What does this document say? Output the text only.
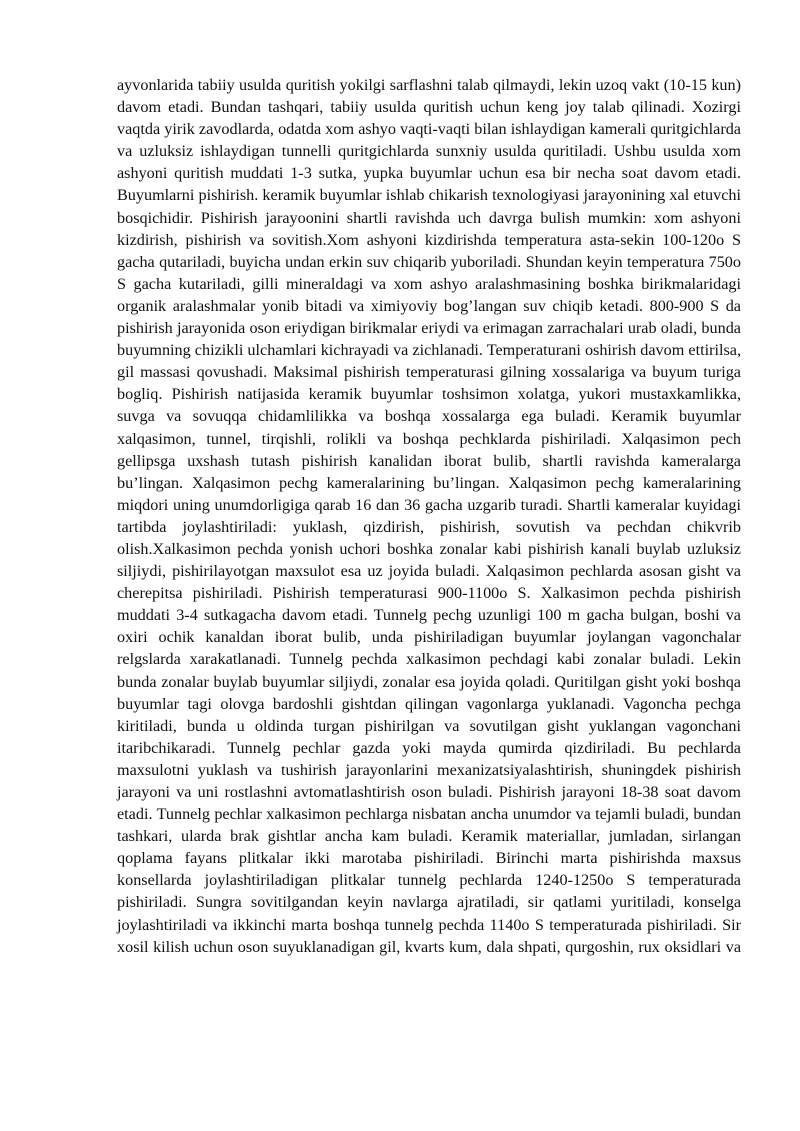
ayvonlarida tabiiy usulda quritish yokilgi sarflashni talab qilmaydi, lekin uzoq vakt (10-15 kun) davom etadi. Bundan tashqari, tabiiy usulda quritish uchun keng joy talab qilinadi. Xozirgi vaqtda yirik zavodlarda, odatda xom ashyo vaqti-vaqti bilan ishlaydigan kamerali quritgichlarda va uzluksiz ishlaydigan tunnelli quritgichlarda sunxniy usulda quritiladi. Ushbu usulda xom ashyoni quritish muddati 1-3 sutka, yupka buyumlar uchun esa bir necha soat davom etadi. Buyumlarni pishirish. keramik buyumlar ishlab chikarish texnologiyasi jarayonining xal etuvchi bosqichidir. Pishirish jarayoonini shartli ravishda uch davrga bulish mumkin: xom ashyoni kizdirish, pishirish va sovitish.Xom ashyoni kizdirishda temperatura asta-sekin 100-120o S gacha qutariladi, buyicha undan erkin suv chiqarib yuboriladi. Shundan keyin temperatura 750o S gacha kutariladi, gilli mineraldagi va xom ashyo aralashmasining boshka birikmalaridagi organik aralashmalar yonib bitadi va ximiyoviy bog’langan suv chiqib ketadi. 800-900 S da pishirish jarayonida oson eriydigan birikmalar eriydi va erimagan zarrachalari urab oladi, bunda buyumning chizikli ulchamlari kichrayadi va zichlanadi. Temperaturani oshirish davom ettirilsa, gil massasi qovushadi. Maksimal pishirish temperaturasi gilning xossalariga va buyum turiga bogliq. Pishirish natijasida keramik buyumlar toshsimon xolatga, yukori mustaxkamlikka, suvga va sovuqqa chidamlilikka va boshqa xossalarga ega buladi. Keramik buyumlar xalqasimon, tunnel, tirqishli, rolikli va boshqa pechklarda pishiriladi. Xalqasimon pech gellipsga uxshash tutash pishirish kanalidan iborat bulib, shartli ravishda kameralarga bu’lingan. Xalqasimon pechg kameralarining bu’lingan. Xalqasimon pechg kameralarining miqdori uning unumdorligiga qarab 16 dan 36 gacha uzgarib turadi. Shartli kameralar kuyidagi tartibda joylashtiriladi: yuklash, qizdirish, pishirish, sovutish va pechdan chikvrib olish.Xalkasimon pechda yonish uchori boshka zonalar kabi pishirish kanali buylab uzluksiz siljiydi, pishirilayotgan maxsulot esa uz joyida buladi. Xalqasimon pechlarda asosan gisht va cherepitsa pishiriladi. Pishirish temperaturasi 900-1100o S. Xalkasimon pechda pishirish muddati 3-4 sutkagacha davom etadi. Tunnelg pechg uzunligi 100 m gacha bulgan, boshi va oxiri ochik kanaldan iborat bulib, unda pishiriladigan buyumlar joylangan vagonchalar relgslarda xarakatlanadi. Tunnelg pechda xalkasimon pechdagi kabi zonalar buladi. Lekin bunda zonalar buylab buyumlar siljiydi, zonalar esa joyida qoladi. Quritilgan gisht yoki boshqa buyumlar tagi olovga bardoshli gishtdan qilingan vagonlarga yuklanadi. Vagoncha pechga kiritiladi, bunda u oldinda turgan pishirilgan va sovutilgan gisht yuklangan vagonchani itaribchikaradi. Tunnelg pechlar gazda yoki mayda qumirda qizdiriladi. Bu pechlarda maxsulotni yuklash va tushirish jarayonlarini mexanizatsiyalashtirish, shuningdek pishirish jarayoni va uni rostlashni avtomatlashtirish oson buladi. Pishirish jarayoni 18-38 soat davom etadi. Tunnelg pechlar xalkasimon pechlarga nisbatan ancha unumdor va tejamli buladi, bundan tashkari, ularda brak gishtlar ancha kam buladi. Keramik materiallar, jumladan, sirlangan qoplama fayans plitkalar ikki marotaba pishiriladi. Birinchi marta pishirishda maxsus konsellarda joylashtiriladigan plitkalar tunnelg pechlarda 1240-1250o S temperaturada pishiriladi. Sungra sovitilgandan keyin navlarga ajratiladi, sir qatlami yuritiladi, konselga joylashtiriladi va ikkinchi marta boshqa tunnelg pechda 1140o S temperaturada pishiriladi. Sir xosil kilish uchun oson suyuklanadigan gil, kvarts kum, dala shpati, qurgoshin, rux oksidlari va
